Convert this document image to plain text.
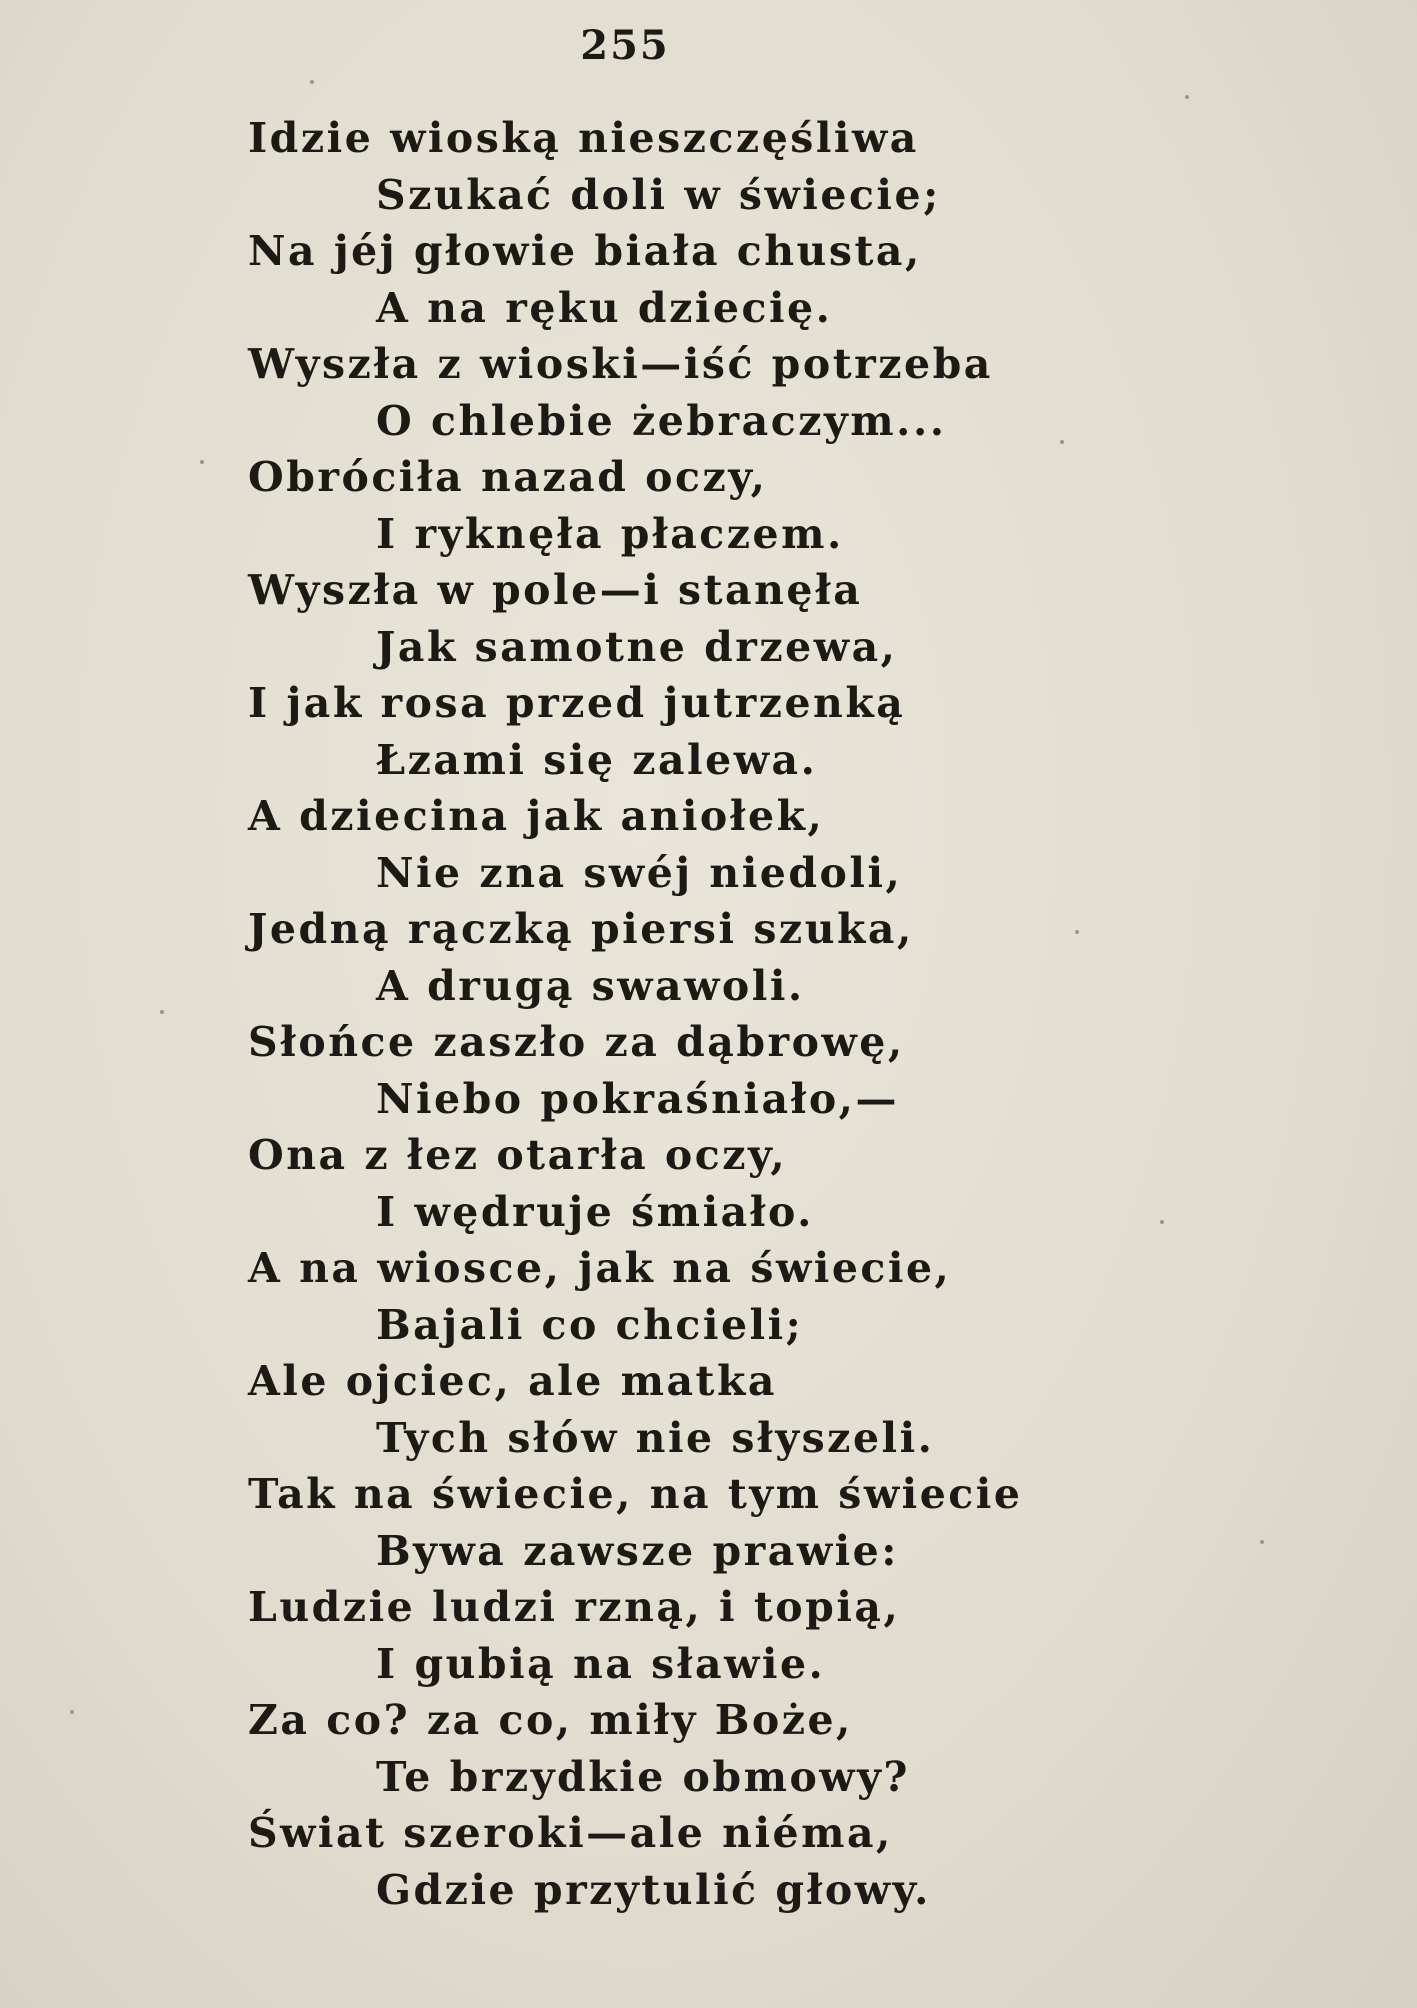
255
Idzie wioską nieszczęśliwa
Szukać doli w świecie;
Na jéj głowie biała chusta,
A na ręku dziecię.
Wyszła z wioski—iść potrzeba
O chlebie żebraczym...
Obróciła nazad oczy,
I ryknęła płaczem.
Wyszła w pole—i stanęła
Jak samotne drzewa,
I jak rosa przed jutrzenką
Łzami się zalewa.
A dziecina jak aniołek,
Nie zna swéj niedoli,
Jedną rączką piersi szuka,
A drugą swawoli.
Słońce zaszło za dąbrowę,
Niebo pokraśniało,—
Ona z łez otarła oczy,
I wędruje śmiało.
A na wiosce, jak na świecie,
Bajali co chcieli;
Ale ojciec, ale matka
Tych słów nie słyszeli.
Tak na świecie, na tym świecie
Bywa zawsze prawie:
Ludzie ludzi rzną, i topią,
I gubią na sławie.
Za co? za co, miły Boże,
Te brzydkie obmowy?
Świat szeroki—ale niéma,
Gdzie przytulić głowy.
